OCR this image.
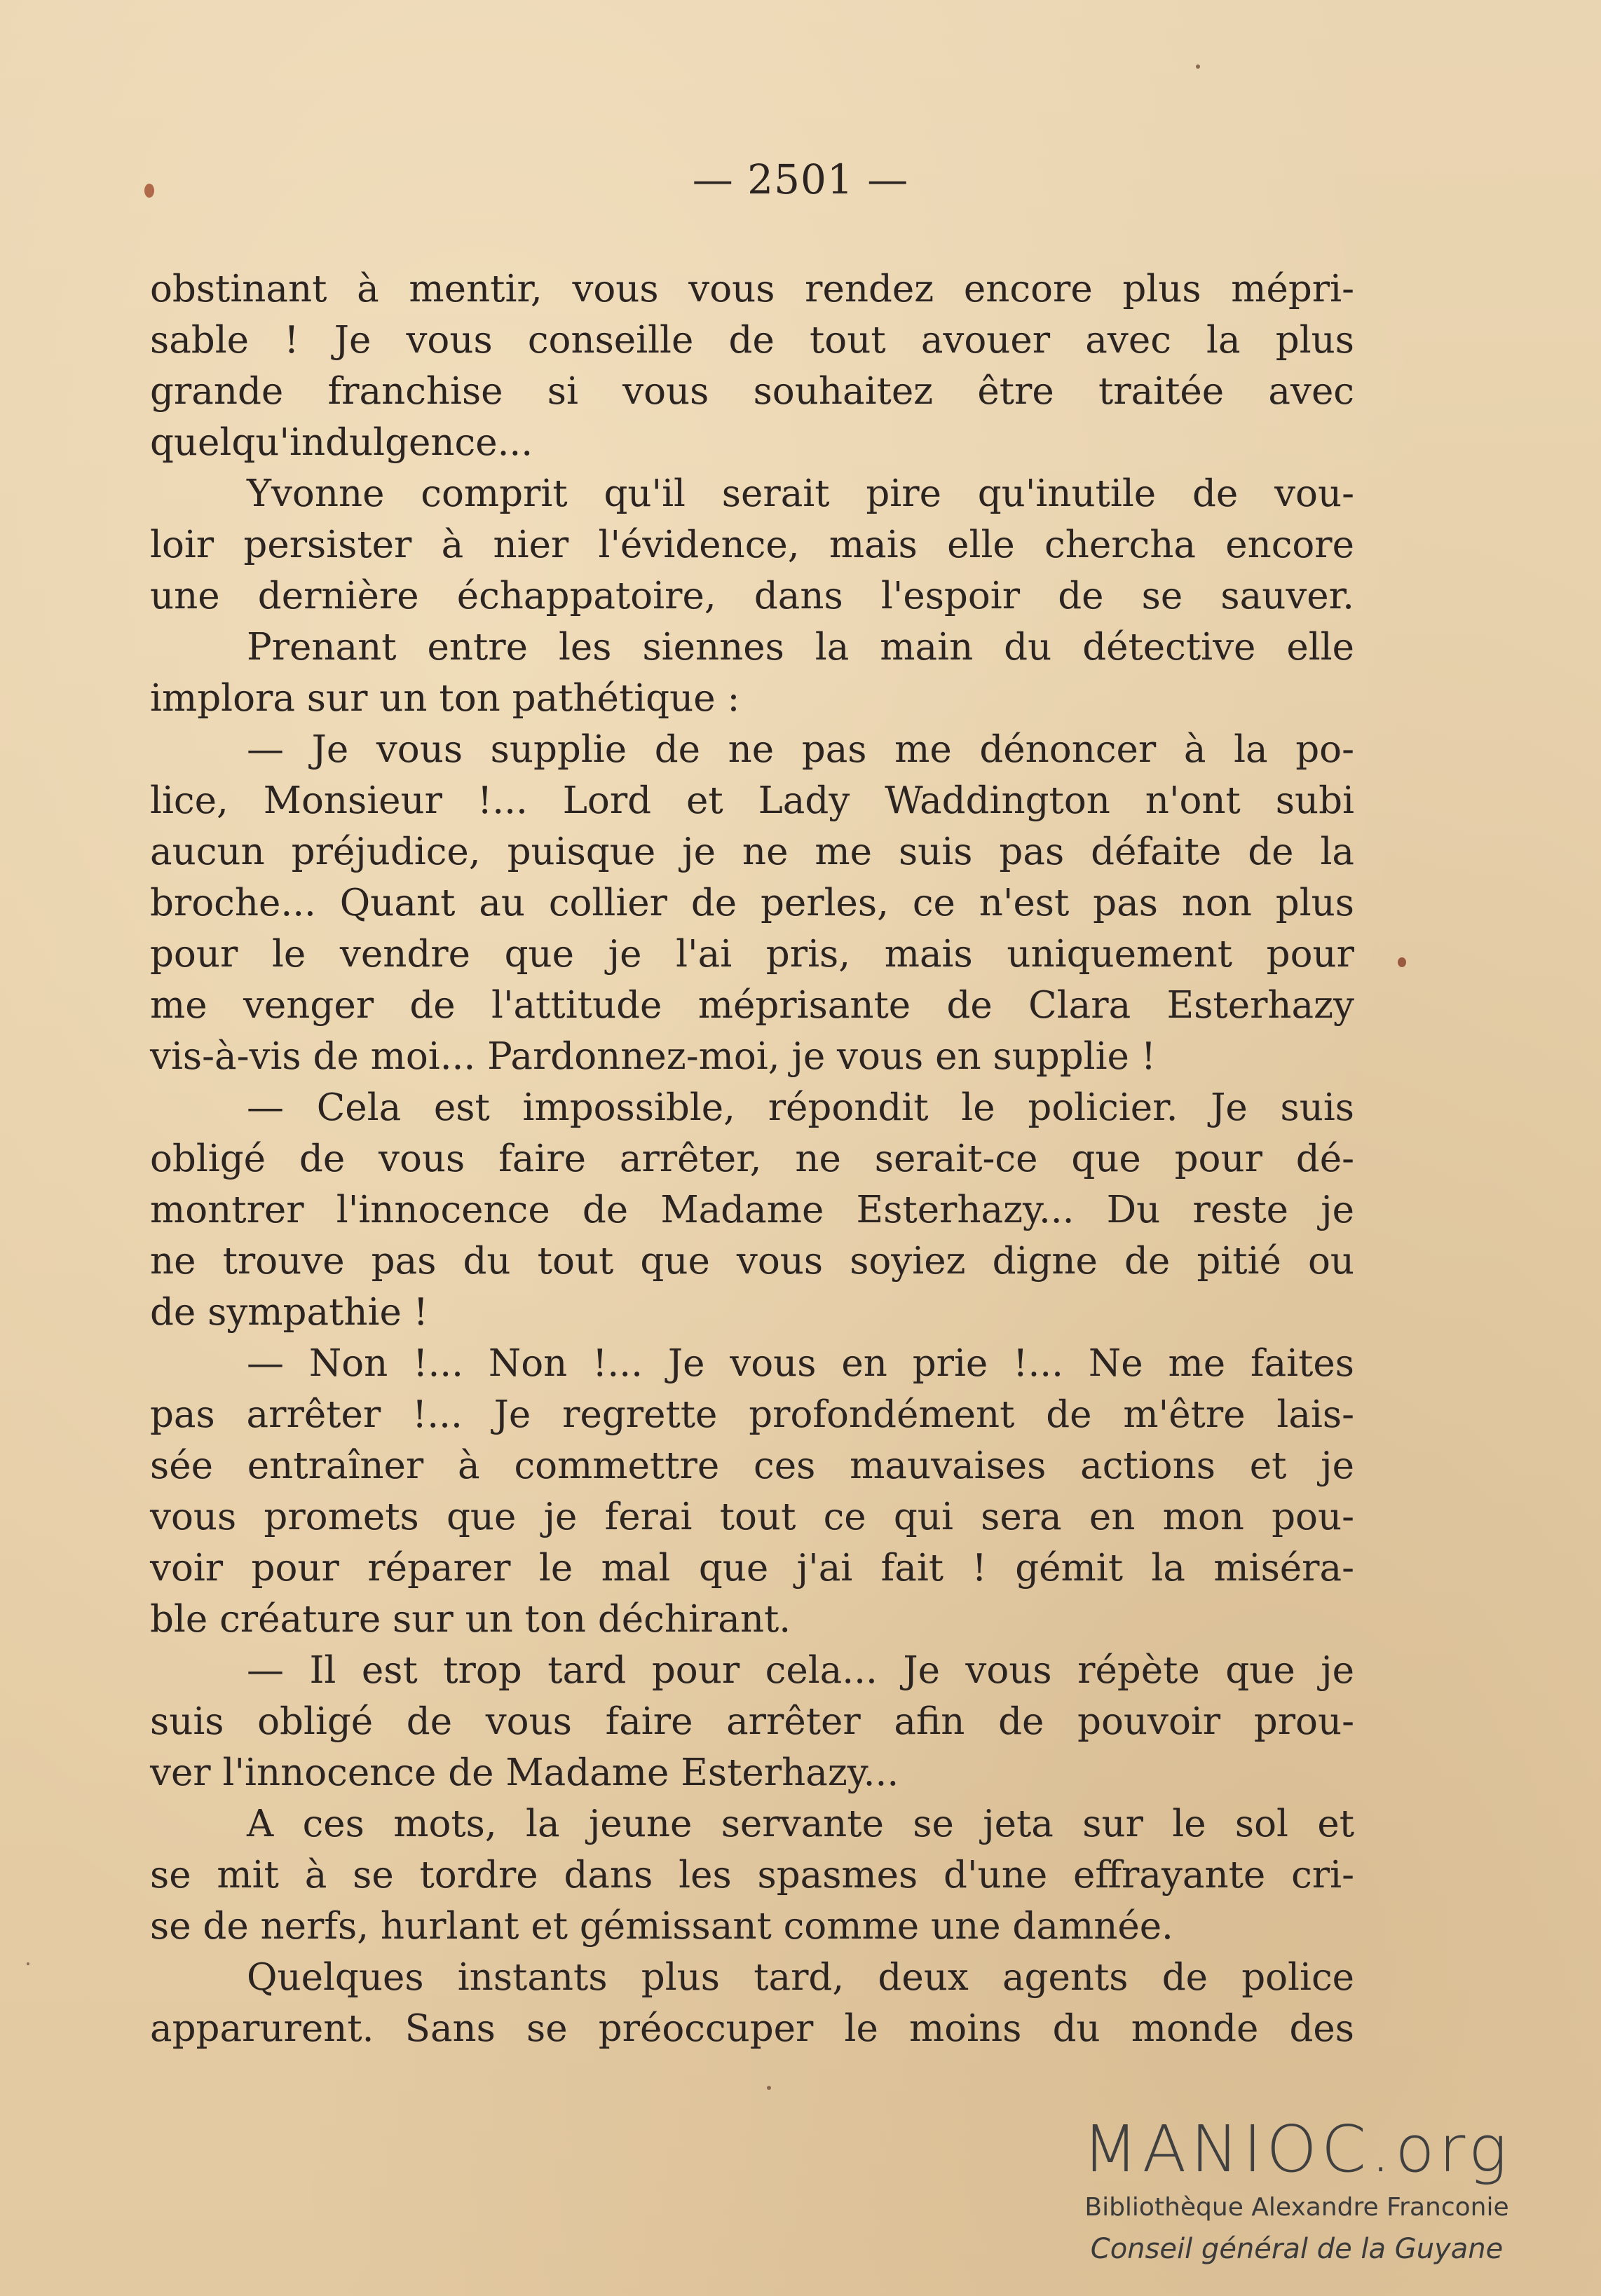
— 2501 —
obstinant à mentir, vous vous rendez encore plus mépri-
sable ! Je vous conseille de tout avouer avec la plus
grande franchise si vous souhaitez être traitée avec
quelqu'indulgence...
Yvonne comprit qu'il serait pire qu'inutile de vou-
loir persister à nier l'évidence, mais elle chercha encore
une dernière échappatoire, dans l'espoir de se sauver.
Prenant entre les siennes la main du détective elle
implora sur un ton pathétique :
— Je vous supplie de ne pas me dénoncer à la po-
lice, Monsieur !... Lord et Lady Waddington n'ont subi
aucun préjudice, puisque je ne me suis pas défaite de la
broche... Quant au collier de perles, ce n'est pas non plus
pour le vendre que je l'ai pris, mais uniquement pour
me venger de l'attitude méprisante de Clara Esterhazy
vis-à-vis de moi... Pardonnez-moi, je vous en supplie !
— Cela est impossible, répondit le policier. Je suis
obligé de vous faire arrêter, ne serait-ce que pour dé-
montrer l'innocence de Madame Esterhazy... Du reste je
ne trouve pas du tout que vous soyiez digne de pitié ou
de sympathie !
— Non !... Non !... Je vous en prie !... Ne me faites
pas arrêter !... Je regrette profondément de m'être lais-
sée entraîner à commettre ces mauvaises actions et je
vous promets que je ferai tout ce qui sera en mon pou-
voir pour réparer le mal que j'ai fait ! gémit la miséra-
ble créature sur un ton déchirant.
— Il est trop tard pour cela... Je vous répète que je
suis obligé de vous faire arrêter afin de pouvoir prou-
ver l'innocence de Madame Esterhazy...
A ces mots, la jeune servante se jeta sur le sol et
se mit à se tordre dans les spasmes d'une effrayante cri-
se de nerfs, hurlant et gémissant comme une damnée.
Quelques instants plus tard, deux agents de police
apparurent. Sans se préoccuper le moins du monde des
MANIOC.org
Bibliothèque Alexandre Franconie
Conseil général de la Guyane
